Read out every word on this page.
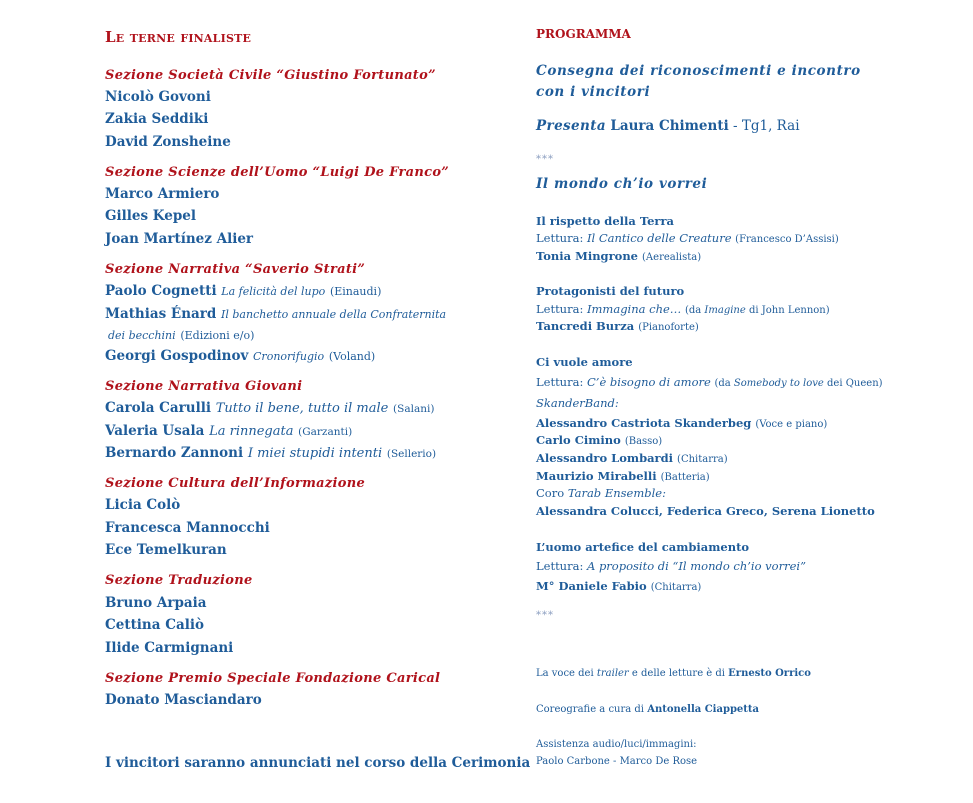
Le terne finaliste
Sezione Società Civile “Giustino Fortunato”
Nicolò Govoni
Zakia Seddiki
David Zonsheine
Sezione Scienze dell’Uomo “Luigi De Franco”
Marco Armiero
Gilles Kepel
Joan Martínez Alier
Sezione Narrativa “Saverio Strati”
Paolo Cognetti La felicità del lupo (Einaudi)
Mathias Énard Il banchetto annuale della Confraternita
dei becchini (Edizioni e/o)
Georgi Gospodinov Cronorifugio (Voland)
Sezione Narrativa Giovani
Carola Carulli Tutto il bene, tutto il male (Salani)
Valeria Usala La rinnegata (Garzanti)
Bernardo Zannoni I miei stupidi intenti (Sellerio)
Sezione Cultura dell’Informazione
Licia Colò
Francesca Mannocchi
Ece Temelkuran
Sezione Traduzione
Bruno Arpaia
Cettina Caliò
Ilide Carmignani
Sezione Premio Speciale Fondazione Carical
Donato Masciandaro
I vincitori saranno annunciati nel corso della Cerimonia
PROGRAMMA
Consegna dei riconoscimenti e incontro con i vincitori
Presenta Laura Chimenti - Tg1, Rai
***
Il mondo ch’io vorrei
Il rispetto della Terra
Lettura: Il Cantico delle Creature (Francesco D’Assisi)
Tonia Mingrone (Aerealista)
Protagonisti del futuro
Lettura: Immagina che… (da Imagine di John Lennon)
Tancredi Burza (Pianoforte)
Ci vuole amore
Lettura: C’è bisogno di amore (da Somebody to love dei Queen)
SkanderBand:
Alessandro Castriota Skanderbeg (Voce e piano)
Carlo Cimino (Basso)
Alessandro Lombardi (Chitarra)
Maurizio Mirabelli (Batteria)
Coro Tarab Ensemble:
Alessandra Colucci, Federica Greco, Serena Lionetto
L’uomo artefice del cambiamento
Lettura: A proposito di “Il mondo ch’io vorrei”
M° Daniele Fabio (Chitarra)
***
La voce dei trailer e delle letture è di Ernesto Orrico
Coreografie a cura di Antonella Ciappetta
Assistenza audio/luci/immagini:
Paolo Carbone - Marco De Rose
